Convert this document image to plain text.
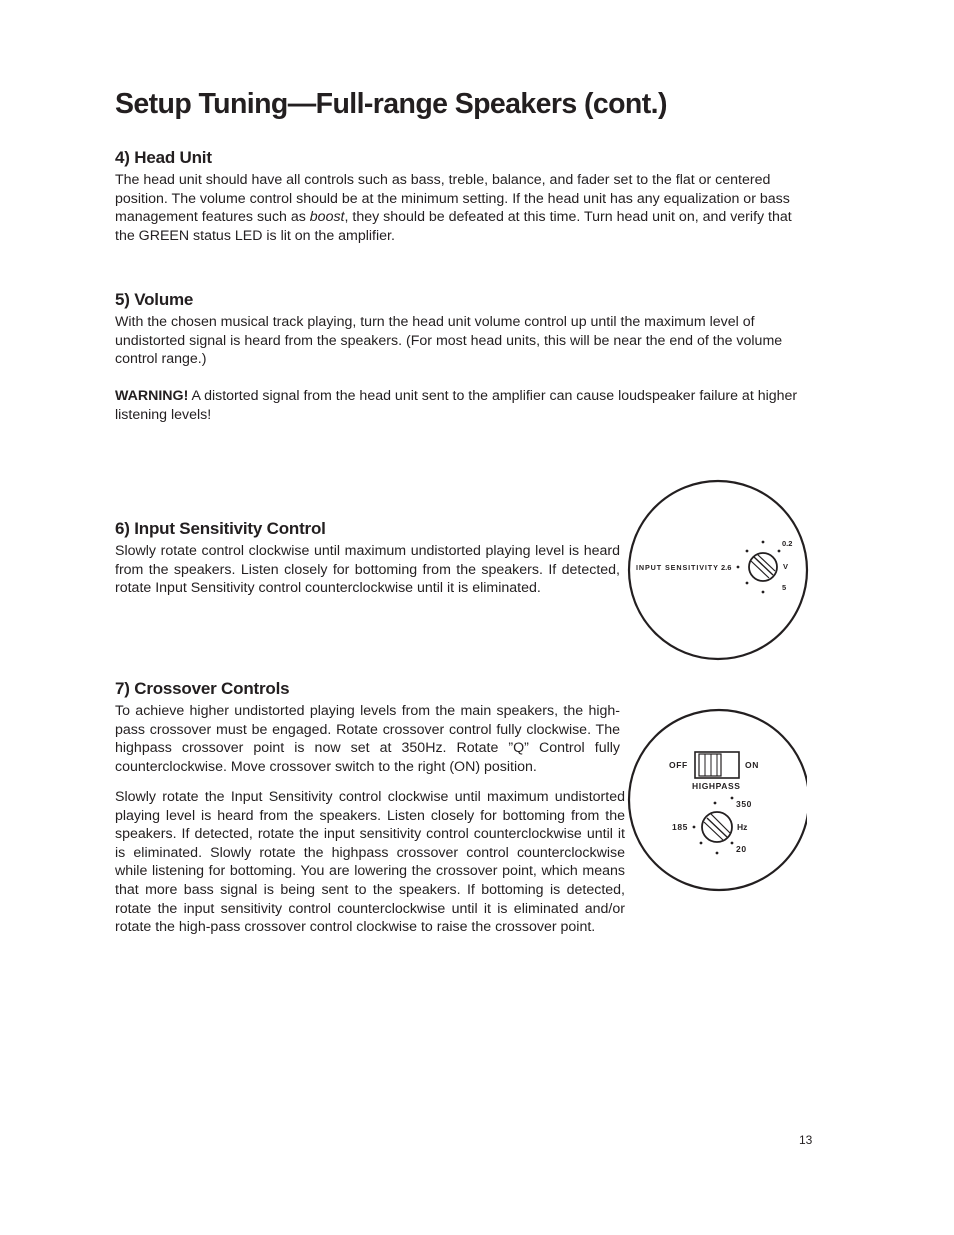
Setup Tuning—Full-range Speakers (cont.)
4) Head Unit

The head unit should have all controls such as bass, treble, balance, and fader set to the flat or centered position. The volume control should be at the minimum setting. If the head unit has any equalization or bass management features such as boost, they should be defeated at this time. Turn head unit on, and verify that the GREEN status LED is lit on the amplifier.

5) Volume

With the chosen musical track playing, turn the head unit volume control up until the maximum level of undistorted signal is heard from the speakers. (For most head units, this will be near the end of the volume control range.)

WARNING! A distorted signal from the head unit sent to the amplifier can cause loudspeaker failure at higher listening levels!

6) Input Sensitivity Control

Slowly rotate control clockwise until maximum undistorted playing level is heard from the speakers. Listen closely for bottoming from the speakers. If detected, rotate Input Sensitivity control counterclockwise until it is eliminated.

INPUT SENSITIVITY 2.6
0.2
V
5
7) Crossover Controls

To achieve higher undistorted playing levels from the main speakers, the high-pass crossover must be engaged. Rotate crossover control fully clockwise. The highpass crossover point is now set at 350Hz. Rotate ”Q” Control fully counterclockwise. Move crossover switch to the right (ON) position.

Slowly rotate the Input Sensitivity control clockwise until maximum undistorted playing level is heard from the speakers. Listen closely for bottoming from the speakers. If detected, rotate the input sensitivity control counterclockwise until it is eliminated. Slowly rotate the highpass crossover control counterclockwise while listening for bottoming. You are lowering the crossover point, which means that more bass signal is being sent to the speakers. If bottoming is detected, rotate the input sensitivity control counterclockwise until it is eliminated and/or rotate the high-pass crossover control clockwise to raise the crossover point.

OFF	ON
HIGHPASS
350
185	Hz
20
13
